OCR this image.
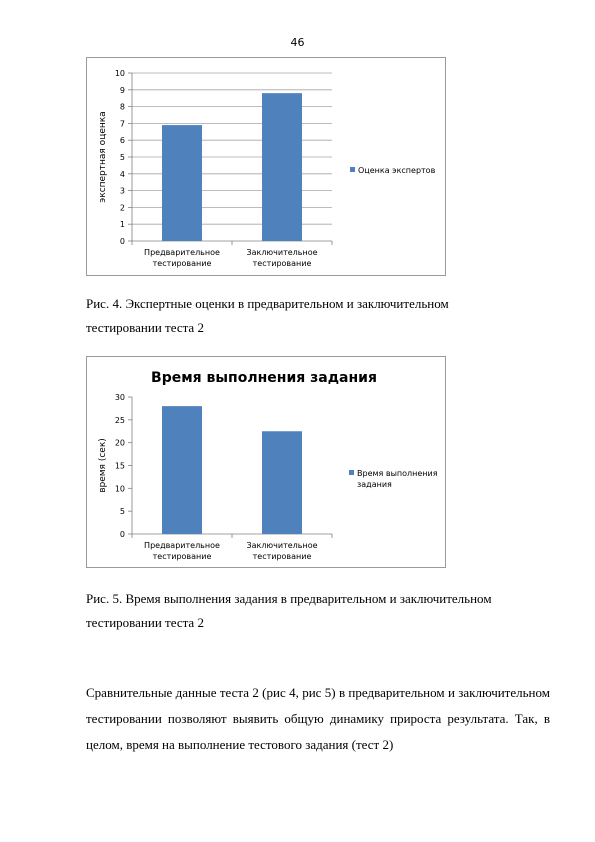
46
0
1
2
3
4
5
6
7
8
9
10
Предварительное
тестирование
Заключительное
тестирование
экспертная оценка	Оценка экспертов
Рис. 4. Экспертные оценки в предварительном и заключительном
тестировании теста 2
Время выполнения задания
0
5
10
15
20
25
30
Предварительное
тестирование
Заключительное
тестирование
время (сек)	Время выполнения
задания
Рис. 5. Время выполнения задания в предварительном и заключительном
тестировании теста 2
Сравнительные данные теста 2 (рис 4, рис 5) в предварительном и заключительном тестировании позволяют выявить общую динамику прироста результата. Так, в целом, время на выполнение тестового задания (тест 2)
